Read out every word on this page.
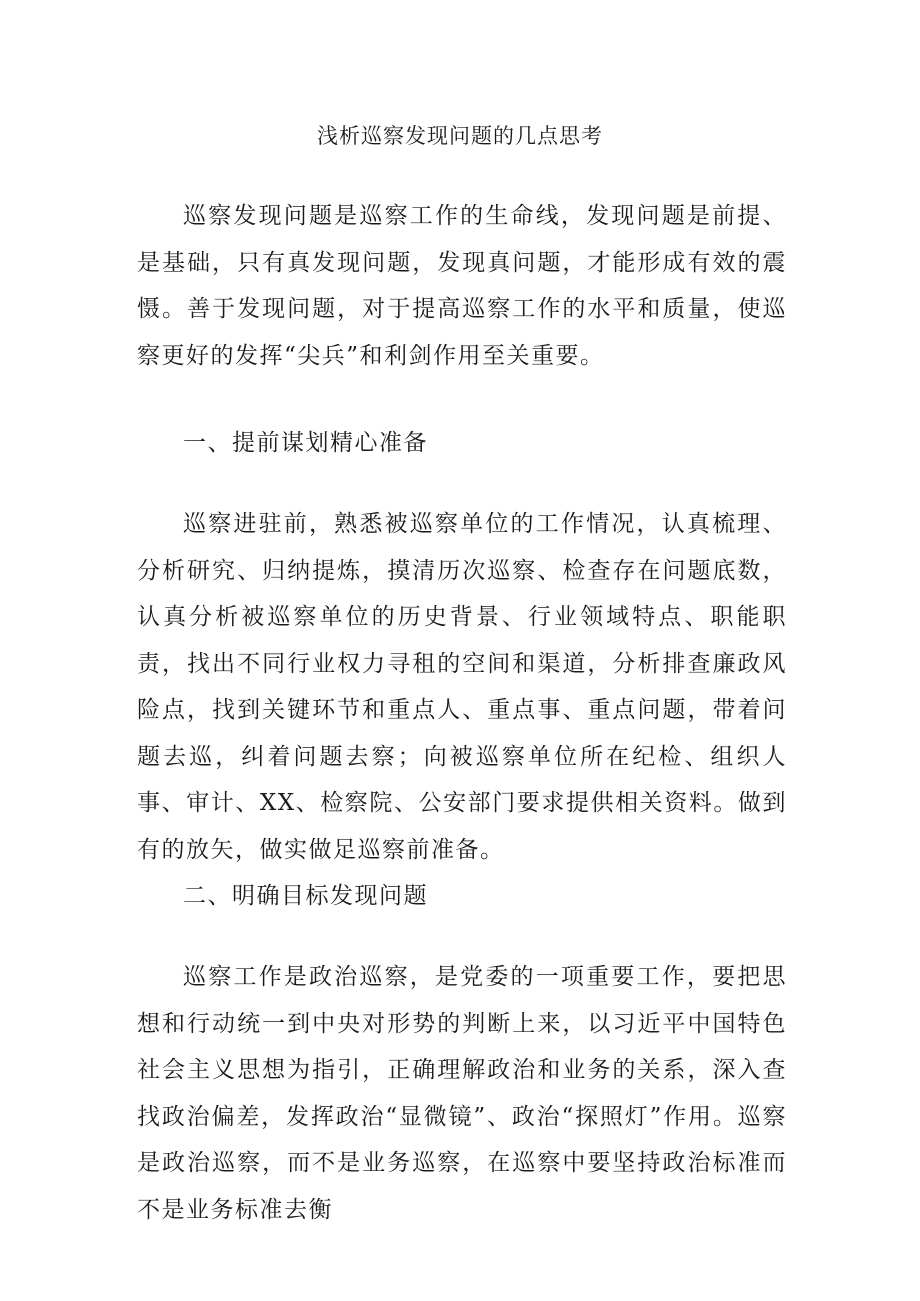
浅析巡察发现问题的几点思考

巡察发现问题是巡察工作的生命线，发现问题是前提、是基础，只有真发现问题，发现真问题，才能形成有效的震慑。善于发现问题，对于提高巡察工作的水平和质量，使巡察更好的发挥“尖兵”和利剑作用至关重要。

一、提前谋划精心准备

巡察进驻前，熟悉被巡察单位的工作情况，认真梳理、分析研究、归纳提炼，摸清历次巡察、检查存在问题底数，认真分析被巡察单位的历史背景、行业领域特点、职能职责，找出不同行业权力寻租的空间和渠道，分析排查廉政风险点，找到关键环节和重点人、重点事、重点问题，带着问题去巡，纠着问题去察；向被巡察单位所在纪检、组织人事、审计、XX、检察院、公安部门要求提供相关资料。做到有的放矢，做实做足巡察前准备。

二、明确目标发现问题

巡察工作是政治巡察，是党委的一项重要工作，要把思想和行动统一到中央对形势的判断上来，以习近平中国特色社会主义思想为指引，正确理解政治和业务的关系，深入查找政治偏差，发挥政治“显微镜”、政治“探照灯”作用。巡察是政治巡察，而不是业务巡察，在巡察中要坚持政治标准而不是业务标准去衡
